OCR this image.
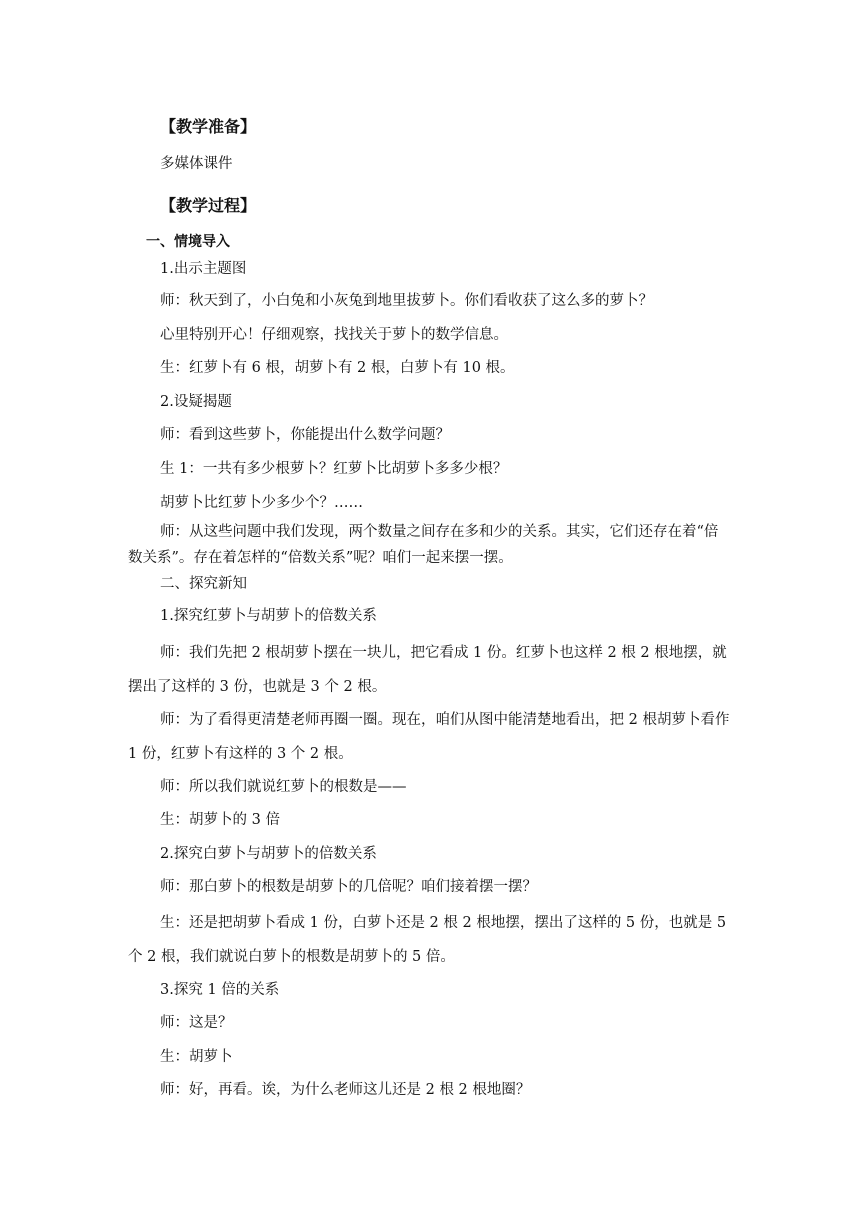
【教学准备】
多媒体课件
【教学过程】
一、情境导入
1.出示主题图
师：秋天到了，小白兔和小灰兔到地里拔萝卜。你们看收获了这么多的萝卜？
心里特别开心！仔细观察，找找关于萝卜的数学信息。
生：红萝卜有 6 根，胡萝卜有 2 根，白萝卜有 10 根。
2.设疑揭题
师：看到这些萝卜，你能提出什么数学问题？
生 1：一共有多少根萝卜？红萝卜比胡萝卜多多少根？
胡萝卜比红萝卜少多少个？……
师：从这些问题中我们发现，两个数量之间存在多和少的关系。其实，它们还存在着“倍数关系”。存在着怎样的“倍数关系”呢？咱们一起来摆一摆。
二、探究新知
1.探究红萝卜与胡萝卜的倍数关系
师：我们先把 2 根胡萝卜摆在一块儿，把它看成 1 份。红萝卜也这样 2 根 2 根地摆，就摆出了这样的 3 份，也就是 3 个 2 根。
师：为了看得更清楚老师再圈一圈。现在，咱们从图中能清楚地看出，把 2 根胡萝卜看作 1 份，红萝卜有这样的 3 个 2 根。
师：所以我们就说红萝卜的根数是——
生：胡萝卜的 3 倍
2.探究白萝卜与胡萝卜的倍数关系
师：那白萝卜的根数是胡萝卜的几倍呢？咱们接着摆一摆？
生：还是把胡萝卜看成 1 份，白萝卜还是 2 根 2 根地摆，摆出了这样的 5 份，也就是 5 个 2 根，我们就说白萝卜的根数是胡萝卜的 5 倍。
3.探究 1 倍的关系
师：这是？
生：胡萝卜
师：好，再看。诶，为什么老师这儿还是 2 根 2 根地圈？
